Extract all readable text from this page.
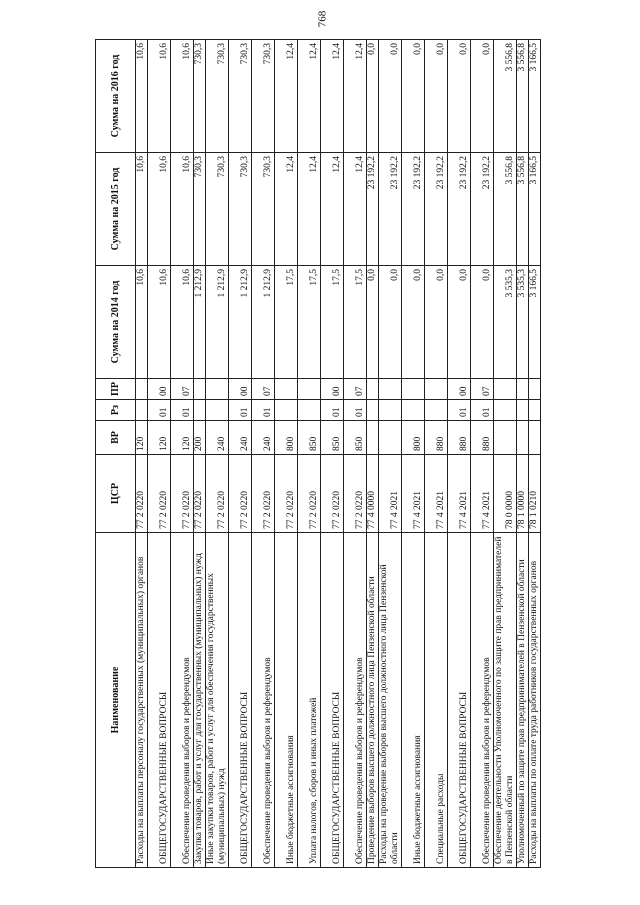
768
Наименование	ЦСР	ВР	Рз	ПР	Сумма на 2014 год	Сумма на 2015 год	Сумма на 2016 год
Расходы на выплаты персоналу государственных (муниципальных) органов	77 2 0220	120			10,6	10,6	10,6
ОБЩЕГОСУДАРСТВЕННЫЕ ВОПРОСЫ	77 2 0220	120	01	00	10,6	10,6	10,6
Обеспечение проведения выборов и референдумов	77 2 0220	120	01	07	10,6	10,6	10,6
Закупка товаров, работ и услуг для государственных (муниципальных) нужд	77 2 0220	200			1 212,9	730,3	730,3
Иные закупки товаров, работ и услуг для обеспечения государственных (муниципальных) нужд	77 2 0220	240			1 212,9	730,3	730,3
ОБЩЕГОСУДАРСТВЕННЫЕ ВОПРОСЫ	77 2 0220	240	01	00	1 212,9	730,3	730,3
Обеспечение проведения выборов и референдумов	77 2 0220	240	01	07	1 212,9	730,3	730,3
Иные бюджетные ассигнования	77 2 0220	800			17,5	12,4	12,4
Уплата налогов, сборов и иных платежей	77 2 0220	850			17,5	12,4	12,4
ОБЩЕГОСУДАРСТВЕННЫЕ ВОПРОСЫ	77 2 0220	850	01	00	17,5	12,4	12,4
Обеспечение проведения выборов и референдумов	77 2 0220	850	01	07	17,5	12,4	12,4
Проведение выборов высшего должностного лица Пензенской области	77 4 0000				0,0	23 192,2	0,0
Расходы на проведение выборов высшего должностного лица Пензенской области	77 4 2021				0,0	23 192,2	0,0
Иные бюджетные ассигнования	77 4 2021	800			0,0	23 192,2	0,0
Специальные расходы	77 4 2021	880			0,0	23 192,2	0,0
ОБЩЕГОСУДАРСТВЕННЫЕ ВОПРОСЫ	77 4 2021	880	01	00	0,0	23 192,2	0,0
Обеспечение проведения выборов и референдумов	77 4 2021	880	01	07	0,0	23 192,2	0,0
Обеспечение деятельности Уполномоченного по защите прав предпринимателей в Пензенской области	78 0 0000				3 535,3	3 556,8	3 556,8
Уполномоченный по защите прав предпринимателей в Пензенской области	78 1 0000				3 535,3	3 556,8	3 556,8
Расходы на выплаты по оплате труда работников государственных органов	78 1 0210				3 166,5	3 166,5	3 166,5
